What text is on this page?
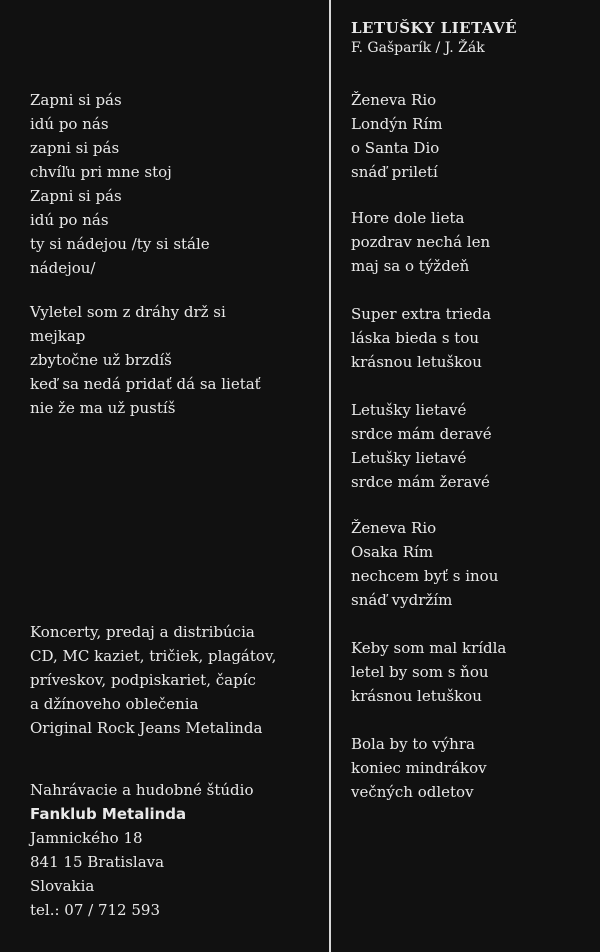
Zapni si pás
idú po nás
zapni si pás
chvíľu pri mne stoj
Zapni si pás
idú po nás
ty si nádejou /ty si stále
nádejou/
Vyletel som z dráhy drž si
mejkap
zbytočne už brzdíš
keď sa nedá pridať dá sa lietať
nie že ma už pustíš
Koncerty, predaj a distribúcia
CD, MC kaziet, tričiek, plagátov,
príveskov, podpiskariet, čapíc
a džínoveho oblečenia
Original Rock Jeans Metalinda
Nahrávacie a hudobné štúdio
Fanklub Metalinda
Jamnického 18
841 15 Bratislava
Slovakia
tel.: 07 / 712 593
LETUŠKY LIETAVÉ
F. Gašparík / J. Žák
Ženeva Rio
Londýn Rím
o Santa Dio
snáď priletí
Hore dole lieta
pozdrav nechá len
maj sa o týždeň
Super extra trieda
láska bieda s tou
krásnou letuškou
Letušky lietavé
srdce mám deravé
Letušky lietavé
srdce mám žeravé
Ženeva Rio
Osaka Rím
nechcem byť s inou
snáď vydržím
Keby som mal krídla
letel by som s ňou
krásnou letuškou
Bola by to výhra
koniec mindrákov
večných odletov
